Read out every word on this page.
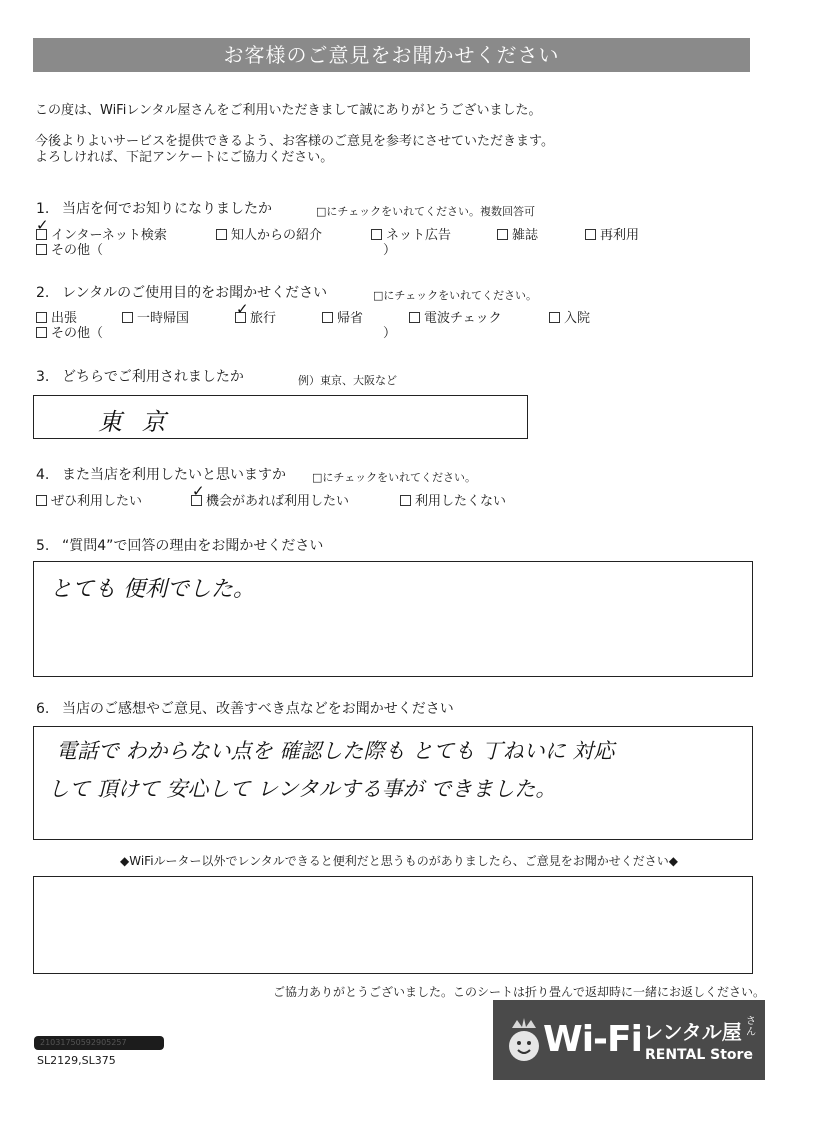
お客様のご意見をお聞かせください
この度は、WiFiレンタル屋さんをご利用いただきまして誠にありがとうございました。
今後よりよいサービスを提供できるよう、お客様のご意見を参考にさせていただきます。
よろしければ、下記アンケートにご協力ください。
1. 当店を何でお知りになりましたか	□にチェックをいれてください。複数回答可
インターネット検索	知人からの紹介	ネット広告	雑誌	再利用
その他（	）
✓
2. レンタルのご使用目的をお聞かせください	□にチェックをいれてください。
出張	一時帰国	旅行	帰省	電波チェック	入院
その他（	）
✓
3. どちらでご利用されましたか	例）東京、大阪など
東 京
4. また当店を利用したいと思いますか □にチェックをいれてください。
ぜひ利用したい	機会があれば利用したい	利用したくない
✓
5. “質問4”で回答の理由をお聞かせください
とても 便利でした。
6. 当店のご感想やご意見、改善すべき点などをお聞かせください
電話で わからない点を 確認した際も とても 丁ねいに 対応
して 頂けて 安心して レンタルする事が できました。
◆WiFiルーター以外でレンタルできると便利だと思うものがありましたら、ご意見をお聞かせください◆
ご協力ありがとうございました。このシートは折り畳んで返却時に一緒にお返しください。
21031750592905257
SL2129,SL375
Wi-Fi レンタル屋 さん
RENTAL Store
